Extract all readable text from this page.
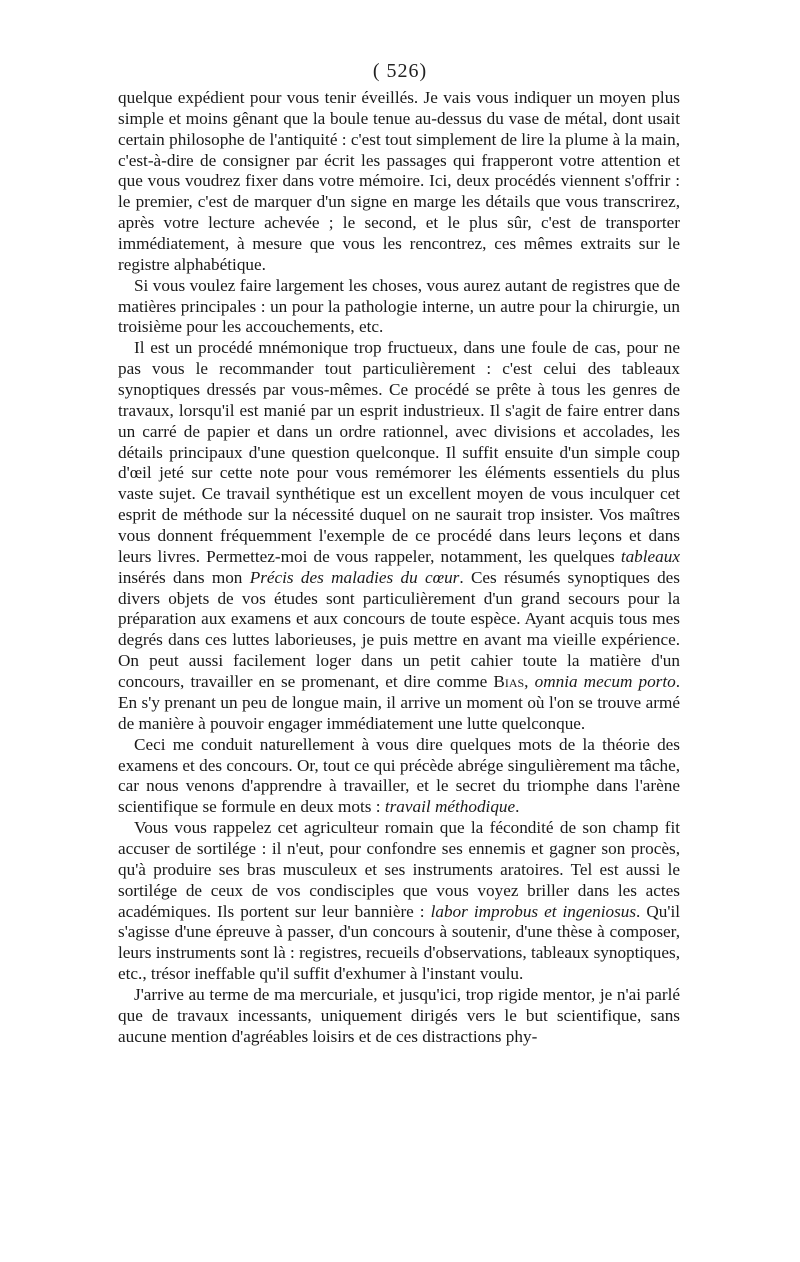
( 526)

quelque expédient pour vous tenir éveillés. Je vais vous indiquer un moyen plus simple et moins gênant que la boule tenue au-dessus du vase de métal, dont usait certain philosophe de l'antiquité : c'est tout simplement de lire la plume à la main, c'est-à-dire de consigner par écrit les passages qui frapperont votre attention et que vous voudrez fixer dans votre mémoire. Ici, deux procédés viennent s'offrir : le premier, c'est de marquer d'un signe en marge les détails que vous transcrirez, après votre lecture achevée ; le second, et le plus sûr, c'est de transporter immédiatement, à mesure que vous les rencontrez, ces mêmes extraits sur le registre alphabétique.

Si vous voulez faire largement les choses, vous aurez autant de registres que de matières principales : un pour la pathologie interne, un autre pour la chirurgie, un troisième pour les accouchements, etc.

Il est un procédé mnémonique trop fructueux, dans une foule de cas, pour ne pas vous le recommander tout particulièrement : c'est celui des tableaux synoptiques dressés par vous-mêmes. Ce procédé se prête à tous les genres de travaux, lorsqu'il est manié par un esprit industrieux. Il s'agit de faire entrer dans un carré de papier et dans un ordre rationnel, avec divisions et accolades, les détails principaux d'une question quelconque. Il suffit ensuite d'un simple coup d'œil jeté sur cette note pour vous remémorer les éléments essentiels du plus vaste sujet. Ce travail synthétique est un excellent moyen de vous inculquer cet esprit de méthode sur la nécessité duquel on ne saurait trop insister. Vos maîtres vous donnent fréquemment l'exemple de ce procédé dans leurs leçons et dans leurs livres. Permettez-moi de vous rappeler, notamment, les quelques tableaux insérés dans mon Précis des maladies du cœur. Ces résumés synoptiques des divers objets de vos études sont particulièrement d'un grand secours pour la préparation aux examens et aux concours de toute espèce. Ayant acquis tous mes degrés dans ces luttes laborieuses, je puis mettre en avant ma vieille expérience. On peut aussi facilement loger dans un petit cahier toute la matière d'un concours, travailler en se promenant, et dire comme Bias, omnia mecum porto. En s'y prenant un peu de longue main, il arrive un moment où l'on se trouve armé de manière à pouvoir engager immédiatement une lutte quelconque.

Ceci me conduit naturellement à vous dire quelques mots de la théorie des examens et des concours. Or, tout ce qui précède abrége singulièrement ma tâche, car nous venons d'apprendre à travailler, et le secret du triomphe dans l'arène scientifique se formule en deux mots : travail méthodique.

Vous vous rappelez cet agriculteur romain que la fécondité de son champ fit accuser de sortilége : il n'eut, pour confondre ses ennemis et gagner son procès, qu'à produire ses bras musculeux et ses instruments aratoires. Tel est aussi le sortilége de ceux de vos condisciples que vous voyez briller dans les actes académiques. Ils portent sur leur bannière : labor improbus et ingeniosus. Qu'il s'agisse d'une épreuve à passer, d'un concours à soutenir, d'une thèse à composer, leurs instruments sont là : registres, recueils d'observations, tableaux synoptiques, etc., trésor ineffable qu'il suffit d'exhumer à l'instant voulu.

J'arrive au terme de ma mercuriale, et jusqu'ici, trop rigide mentor, je n'ai parlé que de travaux incessants, uniquement dirigés vers le but scientifique, sans aucune mention d'agréables loisirs et de ces distractions phy-
